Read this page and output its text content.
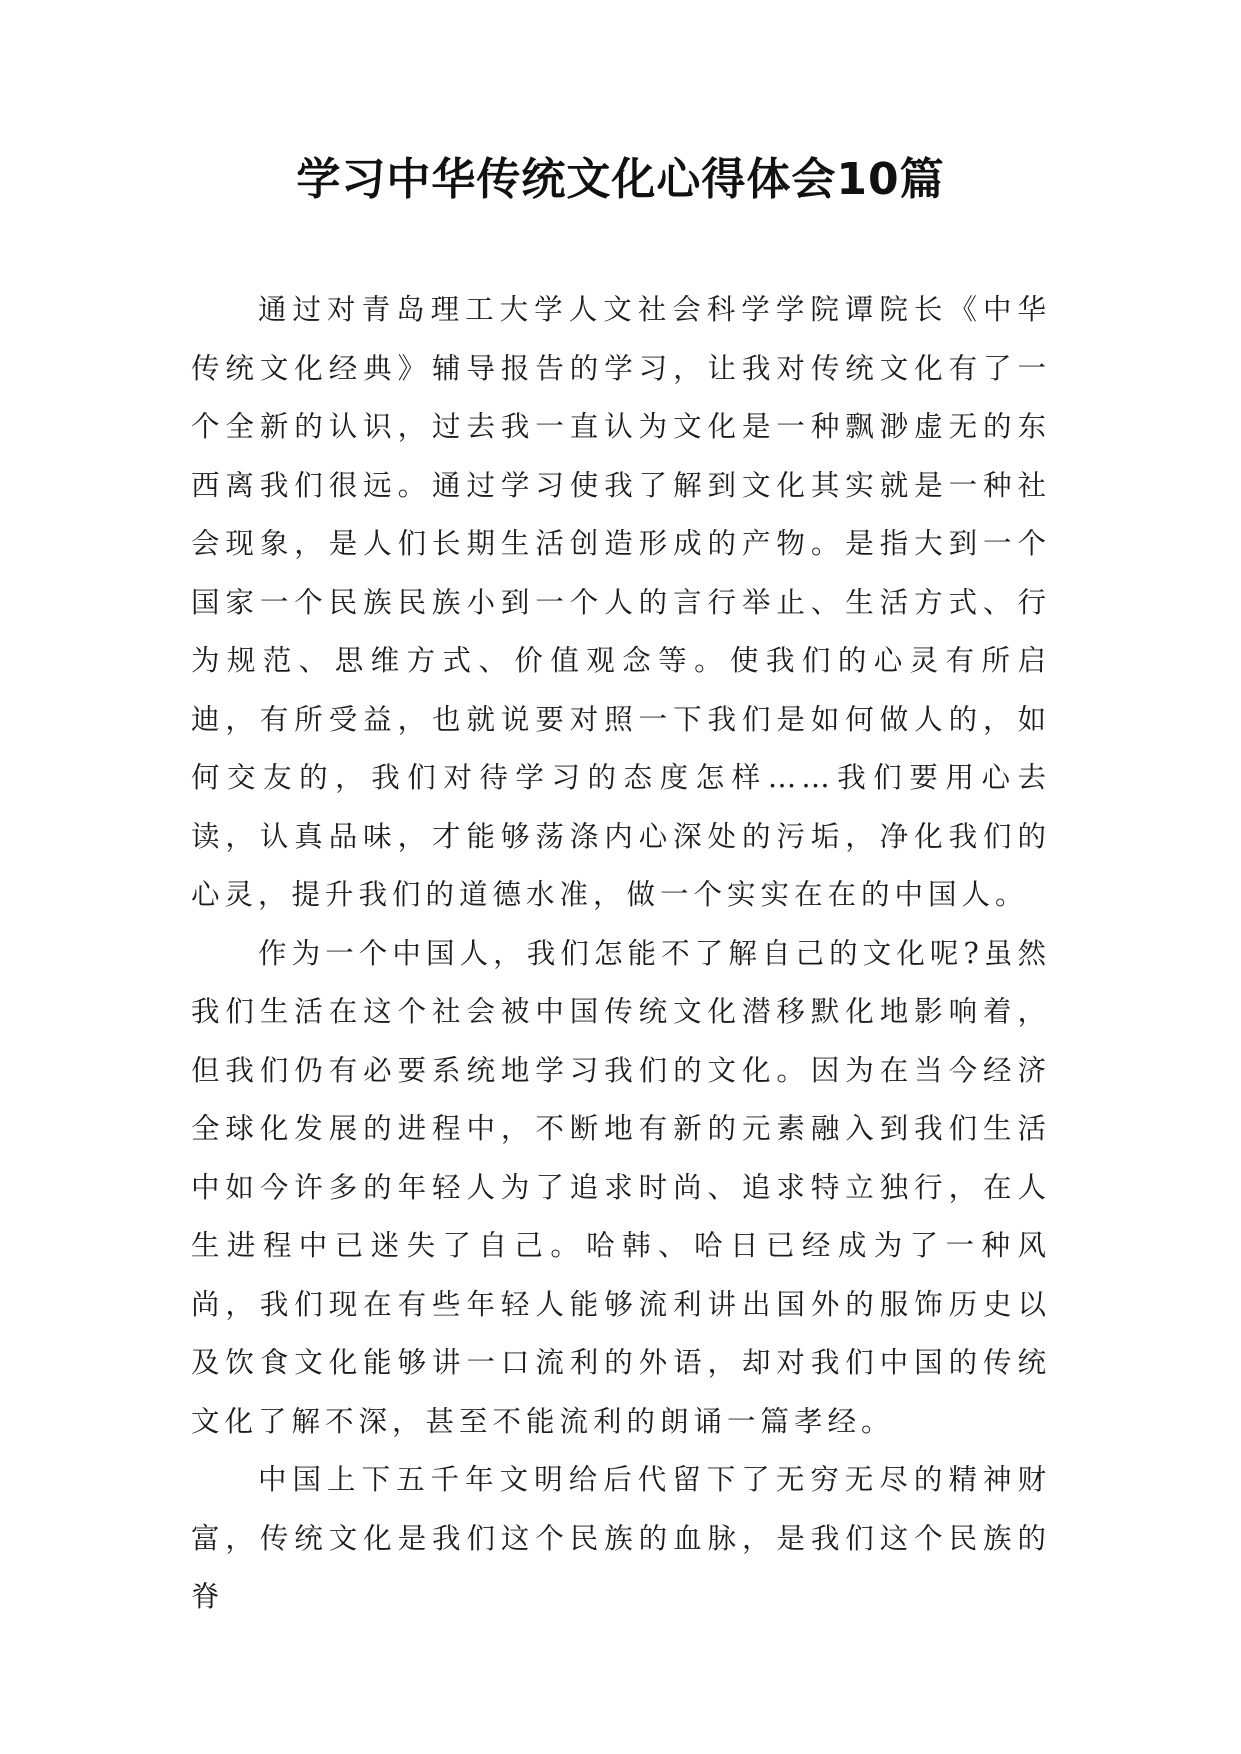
学习中华传统文化心得体会10篇

通过对青岛理工大学人文社会科学学院谭院长《中华传统文化经典》辅导报告的学习，让我对传统文化有了一个全新的认识，过去我一直认为文化是一种飘渺虚无的东西离我们很远。通过学习使我了解到文化其实就是一种社会现象，是人们长期生活创造形成的产物。是指大到一个国家一个民族民族小到一个人的言行举止、生活方式、行为规范、思维方式、价值观念等。使我们的心灵有所启迪，有所受益，也就说要对照一下我们是如何做人的，如何交友的，我们对待学习的态度怎样……我们要用心去读，认真品味，才能够荡涤内心深处的污垢，净化我们的心灵，提升我们的道德水准，做一个实实在在的中国人。

作为一个中国人，我们怎能不了解自己的文化呢?虽然我们生活在这个社会被中国传统文化潜移默化地影响着，但我们仍有必要系统地学习我们的文化。因为在当今经济全球化发展的进程中，不断地有新的元素融入到我们生活中如今许多的年轻人为了追求时尚、追求特立独行，在人生进程中已迷失了自己。哈韩、哈日已经成为了一种风尚，我们现在有些年轻人能够流利讲出国外的服饰历史以及饮食文化能够讲一口流利的外语，却对我们中国的传统文化了解不深，甚至不能流利的朗诵一篇孝经。

中国上下五千年文明给后代留下了无穷无尽的精神财富，传统文化是我们这个民族的血脉，是我们这个民族的脊
